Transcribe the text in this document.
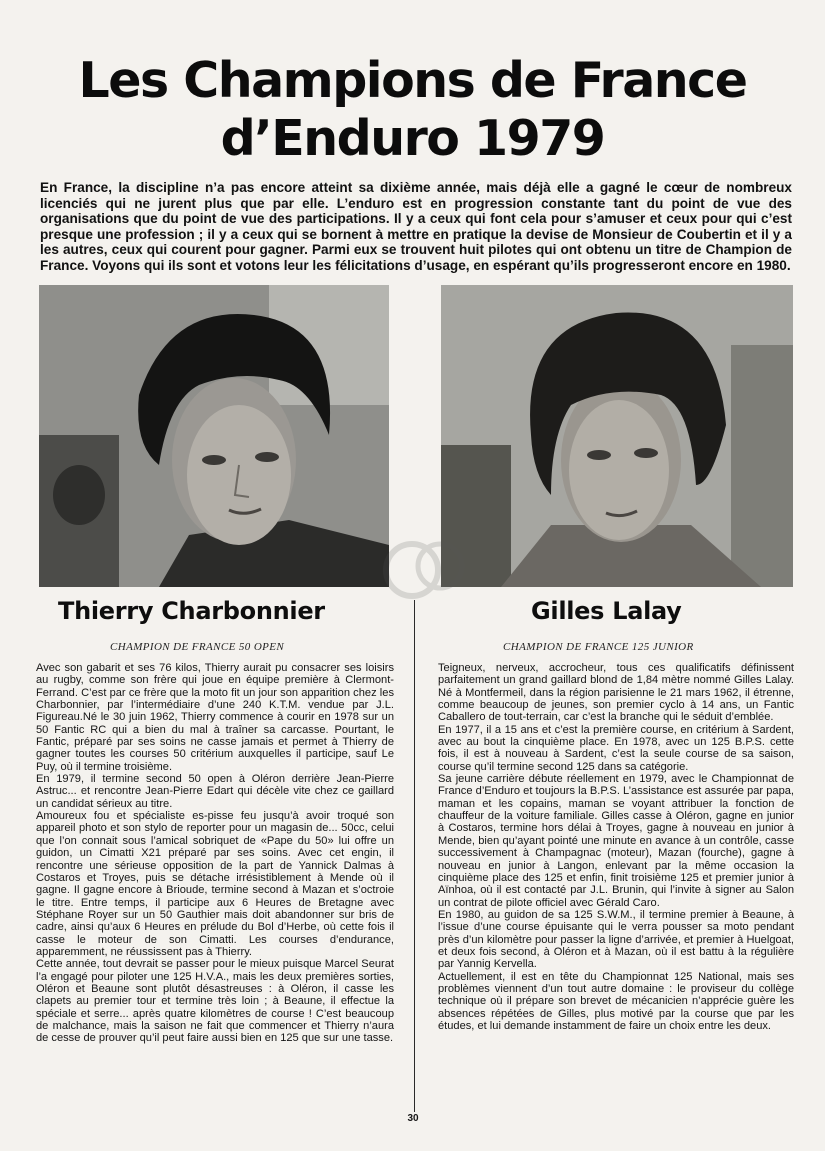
Les Champions de France
d’Enduro 1979
En France, la discipline n’a pas encore atteint sa dixième année, mais déjà elle a gagné le cœur de nombreux licenciés qui ne jurent plus que par elle. L’enduro est en progression constante tant du point de vue des organisations que du point de vue des participations. Il y a ceux qui font cela pour s’amuser et ceux pour qui c’est presque une profession ; il y a ceux qui se bornent à mettre en pratique la devise de Monsieur de Coubertin et il y a les autres, ceux qui courent pour gagner. Parmi eux se trouvent huit pilotes qui ont obtenu un titre de Champion de France. Voyons qui ils sont et votons leur les félicitations d’usage, en espérant qu’ils progresseront encore en 1980.
Thierry Charbonnier	Gilles Lalay
CHAMPION DE FRANCE 50 OPEN	CHAMPION DE FRANCE 125 JUNIOR

Avec son gabarit et ses 76 kilos, Thierry aurait pu consacrer ses loisirs au rugby, comme son frère qui joue en équipe première à Clermont-Ferrand. C’est par ce frère que la moto fit un jour son apparition chez les Charbonnier, par l’intermédiaire d’une 240 K.T.M. vendue par J.L. Figureau.Né le 30 juin 1962, Thierry commence à courir en 1978 sur un 50 Fantic RC qui a bien du mal à traîner sa carcasse. Pourtant, le Fantic, préparé par ses soins ne casse jamais et permet à Thierry de gagner toutes les courses 50 critérium auxquelles il participe, sauf Le Puy, où il termine troisième.

En 1979, il termine second 50 open à Oléron derrière Jean-Pierre Astruc... et rencontre Jean-Pierre Edart qui décèle vite chez ce gaillard un candidat sérieux au titre.

Amoureux fou et spécialiste es-pisse feu jusqu’à avoir troqué son appareil photo et son stylo de reporter pour un magasin de... 50cc, celui que l’on connait sous l’amical sobriquet de «Pape du 50» lui offre un guidon, un Cimatti X21 préparé par ses soins. Avec cet engin, il rencontre une sérieuse opposition de la part de Yannick Dalmas à Costaros et Troyes, puis se détache irrésistiblement à Mende où il gagne. Il gagne encore à Brioude, termine second à Mazan et s’octroie le titre. Entre temps, il participe aux 6 Heures de Bretagne avec Stéphane Royer sur un 50 Gauthier mais doit abandonner sur bris de cadre, ainsi qu’aux 6 Heures en prélude du Bol d’Herbe, où cette fois il casse le moteur de son Cimatti. Les courses d’endurance, apparemment, ne réussissent pas à Thierry.

Cette année, tout devrait se passer pour le mieux puisque Marcel Seurat l’a engagé pour piloter une 125 H.V.A., mais les deux premières sorties, Oléron et Beaune sont plutôt désastreuses : à Oléron, il casse les clapets au premier tour et termine très loin ; à Beaune, il effectue la spéciale et serre... après quatre kilomètres de course ! C’est beaucoup de malchance, mais la saison ne fait que commencer et Thierry n’aura de cesse de prouver qu’il peut faire aussi bien en 125 que sur une tasse.

Teigneux, nerveux, accrocheur, tous ces qualificatifs définissent parfaitement un grand gaillard blond de 1,84 mètre nommé Gilles Lalay. Né à Montfermeil, dans la région parisienne le 21 mars 1962, il étrenne, comme beaucoup de jeunes, son premier cyclo à 14 ans, un Fantic Caballero de tout-terrain, car c’est la branche qui le séduit d’emblée.

En 1977, il a 15 ans et c’est la première course, en critérium à Sardent, avec au bout la cinquième place. En 1978, avec un 125 B.P.S. cette fois, il est à nouveau à Sardent, c’est la seule course de sa saison, course qu’il termine second 125 dans sa catégorie.

Sa jeune carrière débute réellement en 1979, avec le Championnat de France d’Enduro et toujours la B.P.S. L’assistance est assurée par papa, maman et les copains, maman se voyant attribuer la fonction de chauffeur de la voiture familiale. Gilles casse à Oléron, gagne en junior à Costaros, termine hors délai à Troyes, gagne à nouveau en junior à Mende, bien qu’ayant pointé une minute en avance à un contrôle, casse successivement à Champagnac (moteur), Mazan (fourche), gagne à nouveau en junior à Langon, enlevant par la même occasion la cinquième place des 125 et enfin, finit troisième 125 et premier junior à Aïnhoa, où il est contacté par J.L. Brunin, qui l’invite à signer au Salon un contrat de pilote officiel avec Gérald Caro.

En 1980, au guidon de sa 125 S.W.M., il termine premier à Beaune, à l’issue d’une course épuisante qui le verra pousser sa moto pendant près d’un kilomètre pour passer la ligne d’arrivée, et premier à Huelgoat, et deux fois second, à Oléron et à Mazan, où il est battu à la régulière par Yannig Kervella.

Actuellement, il est en tête du Championnat 125 National, mais ses problèmes viennent d’un tout autre domaine : le proviseur du collège technique où il prépare son brevet de mécanicien n’apprécie guère les absences répétées de Gilles, plus motivé par la course que par les études, et lui demande instamment de faire un choix entre les deux.

30
